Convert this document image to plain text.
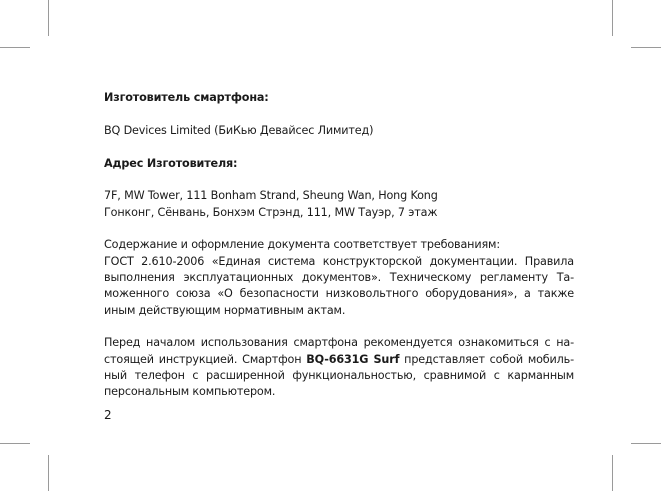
Изготовитель смартфона:

BQ Devices Limited (БиКью Девайсес Лимитед)

Адрес Изготовителя:

7F, MW Tower, 111 Bonham Strand, Sheung Wan, Hong Kong

Гонконг, Сёнвань, Бонхэм Стрэнд, 111, MW Тауэр, 7 этаж

Содержание и оформление документа соответствует требованиям:

ГОСТ 2.610-2006 «Единая система конструкторской документации. Правила
выполнения эксплуатационных документов». Техническому регламенту Та-
моженного союза «О безопасности низковольтного оборудования», а также
иным действующим нормативным актам.
Перед началом использования смартфона рекомендуется ознакомиться с на-
стоящей инструкцией. Смартфон BQ-6631G Surf представляет собой мобиль-
ный телефон с расширенной функциональностью, сравнимой с карманным
персональным компьютером.
2
